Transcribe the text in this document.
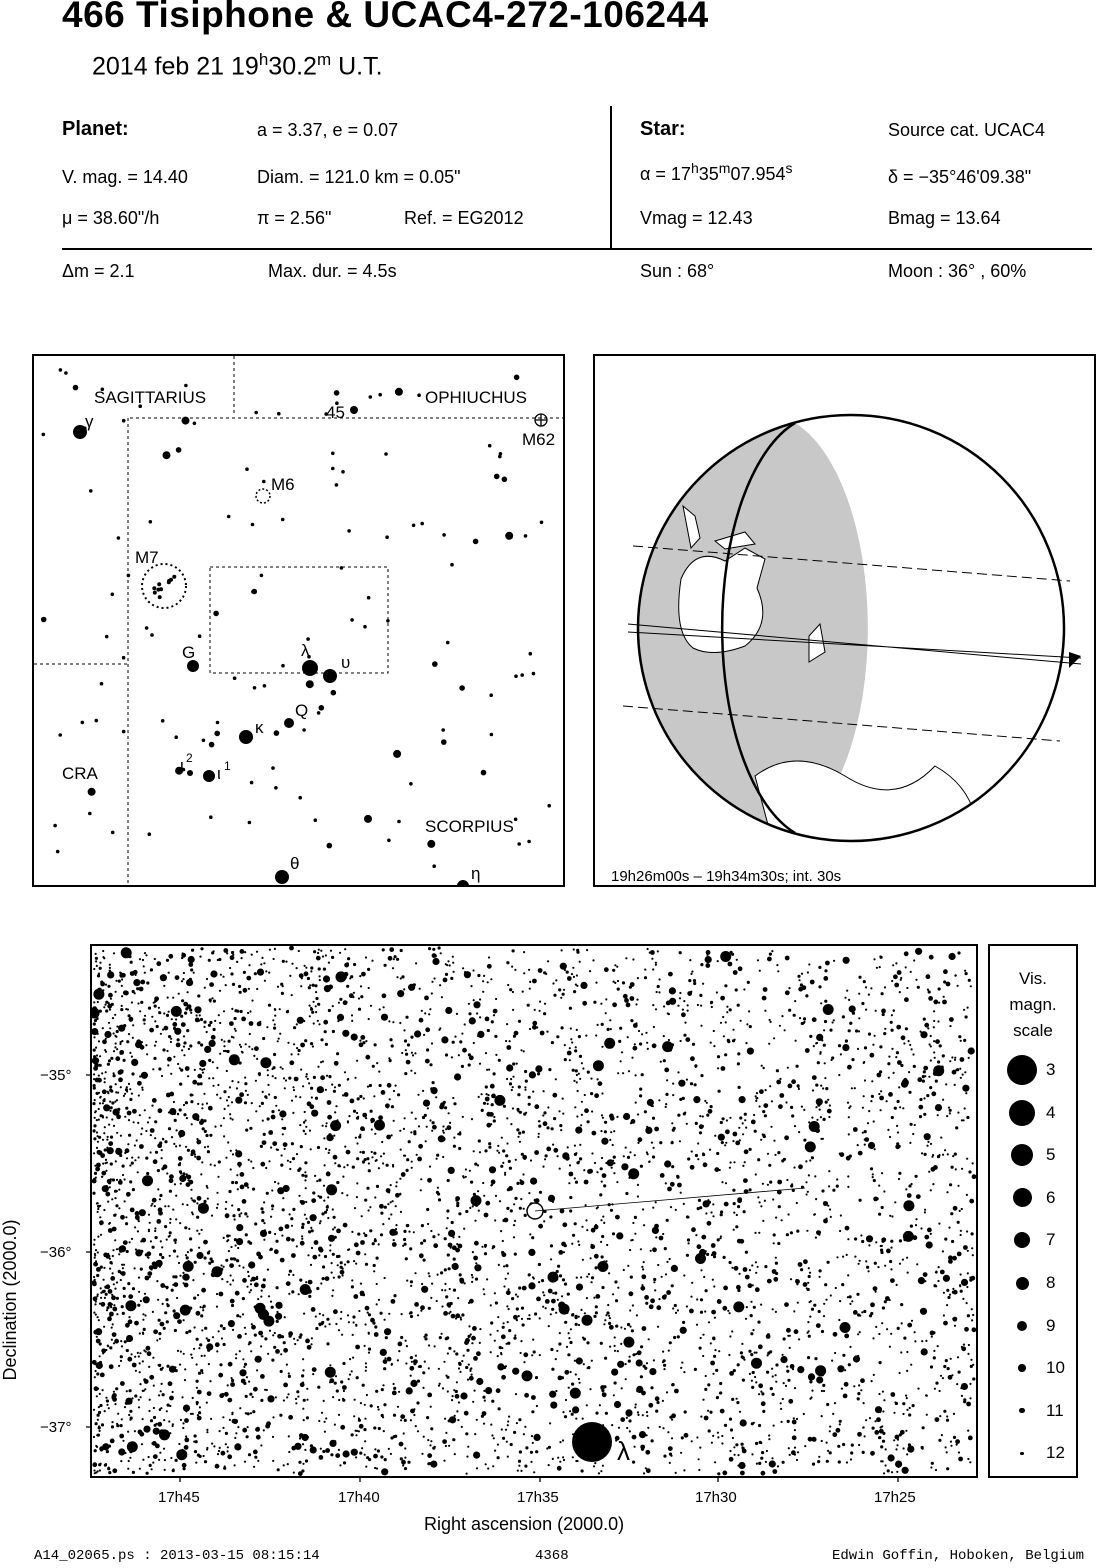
466 Tisiphone & UCAC4-272-106244
2014 feb 21 19$^h$30.2$^m$ U.T.
Planet:	a = 3.37, e = 0.07
V. mag. = 14.40	Diam. = 121.0 km = 0.05"
μ = 38.60"/h	π = 2.56"	Ref. = EG2012
Star:	Source cat. UCAC4
$\alpha = 17^h35^m07.954^s$	δ = −35°46'09.38"
Vmag = 12.43	Bmag = 13.64
Δm = 2.1	Max. dur. = 4.5s	Sun : 68°	Moon : 36° , 60%
SAGITTARIUS	OPHIUCHUS
CRA
SCORPIUS
γ	45
M62
M6
M7
G	λ
υ
Q
κ
ι 2
ι 1
θ
η	19h26m00s – 19h34m30s; int. 30s
λ
−35°
−36°
−37°
17h45	17h40	17h35	17h30	17h25
Right ascension (2000.0)
Declination (2000.0)
Vis.
magn.
scale
3
4
5
6
7
8
9
10
11
12
A14_02065.ps : 2013-03-15 08:15:14	4368	Edwin Goffin, Hoboken, Belgium
